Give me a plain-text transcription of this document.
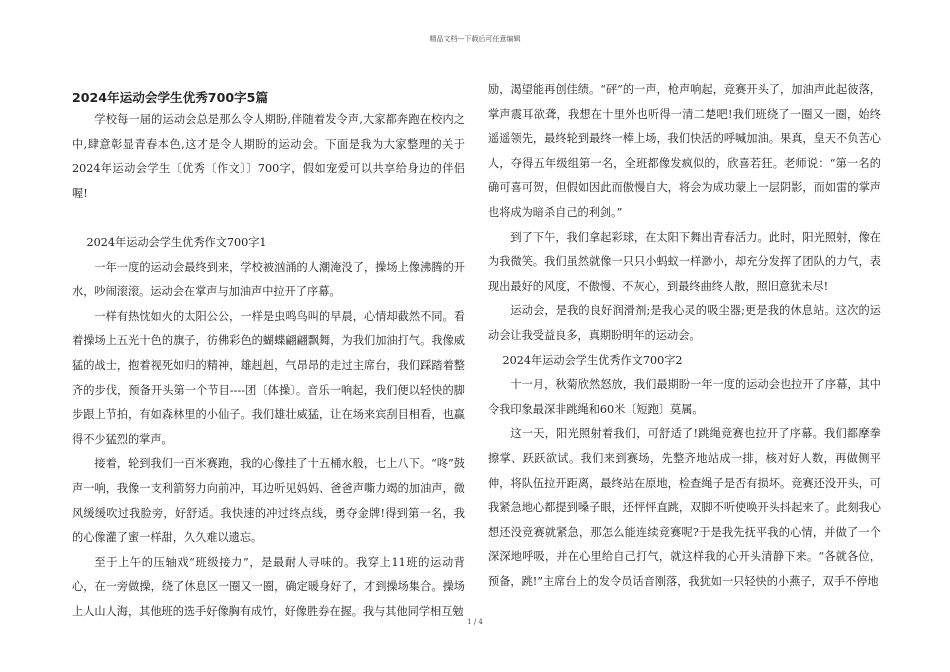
精品文档---下载后可任意编辑
2024年运动会学生优秀700字5篇

学校每一届的运动会总是那么令人期盼,伴随着发令声,大家都奔跑在校内之中,肆意彰显青春本色,这才是令人期盼的运动会。下面是我为大家整理的关于2024年运动会学生〔优秀〔作文〕〕700字，假如宠爱可以共享给身边的伴侣喔!

2024年运动会学生优秀作文700字1

一年一度的运动会最终到来，学校被汹涌的人潮淹没了，操场上像沸腾的开水，吵闹滚滚。运动会在掌声与加油声中拉开了序幕。

一样有热忱如火的太阳公公，一样是虫鸣鸟叫的早晨，心情却截然不同。看着操场上五光十色的旗子，彷佛彩色的蝴蝶翩翩飘舞，为我们加油打气。我像威猛的战士，抱着视死如归的精神，雄赳赳，气昂昂的走过主席台，我们踩踏着整齐的步伐，预备开头第一个节目----团〔体操〕。音乐一响起，我们便以轻快的脚步跟上节拍，有如森林里的小仙子。我们雄壮威猛，让在场来宾刮目相看，也赢得不少猛烈的掌声。

接着，轮到我们一百米赛跑，我的心像挂了十五桶水般，七上八下。“咚”鼓声一响，我像一支利箭努力向前冲，耳边听见妈妈、爸爸声嘶力竭的加油声，微风缓缓吹过我脸旁，好舒适。我快速的冲过终点线，勇夺金牌!得到第一名，我的心像灌了蜜一样甜，久久难以遗忘。

至于上午的压轴戏“班级接力”，是最耐人寻味的。我穿上11班的运动背心，在一旁做操，绕了休息区一圈又一圈，确定暖身好了，才到操场集合。操场上人山人海，其他班的选手好像胸有成竹，好像胜券在握。我与其他同学相互勉

励，渴望能再创佳绩。“砰”的一声，枪声响起，竞赛开头了，加油声此起彼落，掌声震耳欲聋，我想在十里外也听得一清二楚吧!我们班绕了一圈又一圈，始终遥遥领先，最终轮到最终一棒上场，我们快活的呼喊加油。果真，皇天不负苦心人，夺得五年级组第一名，全班都像发疯似的，欣喜若狂。老师说：“第一名的确可喜可贺，但假如因此而傲慢自大，将会为成功蒙上一层阴影，而如雷的掌声也将成为暗杀自己的利剑。”

到了下午，我们拿起彩球，在太阳下舞出青春活力。此时，阳光照射，像在为我微笑。我们虽然就像一只只小蚂蚁一样渺小，却充分发挥了团队的力气，表现出最好的风度，不傲慢、不灰心，到最终曲终人散，照旧意犹未尽!

运动会，是我的良好润滑剂;是我心灵的吸尘器;更是我的休息站。这次的运动会让我受益良多，真期盼明年的运动会。

2024年运动会学生优秀作文700字2

十一月，秋菊欣然怒放，我们最期盼一年一度的运动会也拉开了序幕，其中令我印象最深非跳绳和60米〔短跑〕莫属。

这一天，阳光照射着我们，可舒适了!跳绳竞赛也拉开了序幕。我们都摩拳擦掌、跃跃欲试。我们来到赛场，先整齐地站成一排，核对好人数，再做侧平伸，将队伍拉开距离，最终站在原地，检查绳子是否有损坏。竞赛还没开头，可我紧急地心都提到嗓子眼，还怦怦直跳，双脚不听使唤开头抖起来了。此刻我心想还没竞赛就紧急，那怎么能连续竞赛呢?于是我先抚平我的心情，并做了一个深深地呼吸，并在心里给自己打气，就这样我的心开头清静下来。“各就各位，预备，跳!”主席台上的发令员话音刚落，我犹如一只轻快的小燕子，双手不停地

1 / 4
